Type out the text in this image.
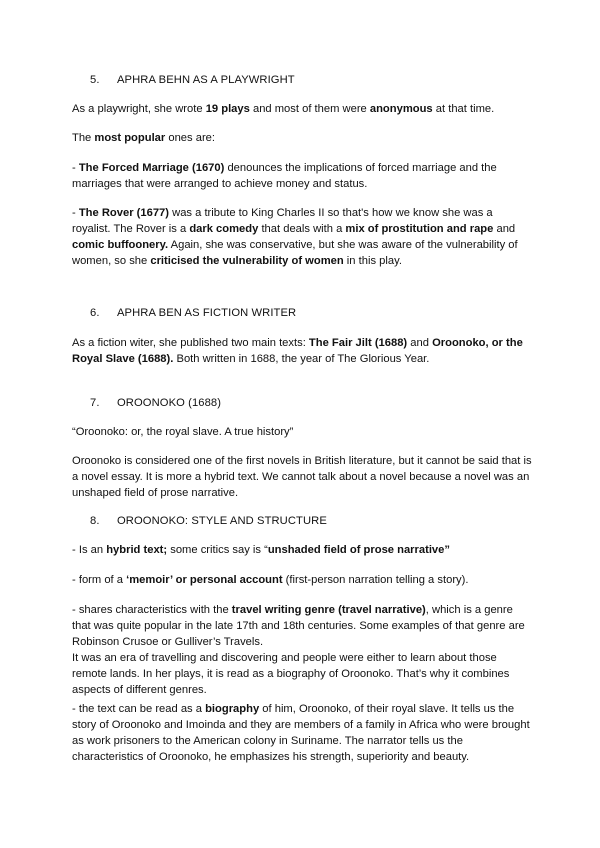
5. APHRA BEHN AS A PLAYWRIGHT

As a playwright, she wrote 19 plays and most of them were anonymous at that time.

The most popular ones are:

- The Forced Marriage (1670) denounces the implications of forced marriage and the marriages that were arranged to achieve money and status.

- The Rover (1677) was a tribute to King Charles II so that's how we know she was a royalist. The Rover is a dark comedy that deals with a mix of prostitution and rape and comic buffoonery. Again, she was conservative, but she was aware of the vulnerability of women, so she criticised the vulnerability of women in this play.

6. APHRA BEN AS FICTION WRITER

As a fiction witer, she published two main texts: The Fair Jilt (1688) and Oroonoko, or the Royal Slave (1688). Both written in 1688, the year of The Glorious Year.

7. OROONOKO (1688)

“Oroonoko: or, the royal slave. A true history”

Oroonoko is considered one of the first novels in British literature, but it cannot be said that is a novel essay. It is more a hybrid text. We cannot talk about a novel because a novel was an unshaped field of prose narrative.

8. OROONOKO: STYLE AND STRUCTURE

- Is an hybrid text; some critics say is “unshaded field of prose narrative”

- form of a ‘memoir’ or personal account (first-person narration telling a story).

- shares characteristics with the travel writing genre (travel narrative), which is a genre that was quite popular in the late 17th and 18th centuries. Some examples of that genre are Robinson Crusoe or Gulliver’s Travels.
It was an era of travelling and discovering and people were either to learn about those remote lands. In her plays, it is read as a biography of Oroonoko. That’s why it combines aspects of different genres.

- the text can be read as a biography of him, Oroonoko, of their royal slave. It tells us the story of Oroonoko and Imoinda and they are members of a family in Africa who were brought as work prisoners to the American colony in Suriname. The narrator tells us the characteristics of Oroonoko, he emphasizes his strength, superiority and beauty.
